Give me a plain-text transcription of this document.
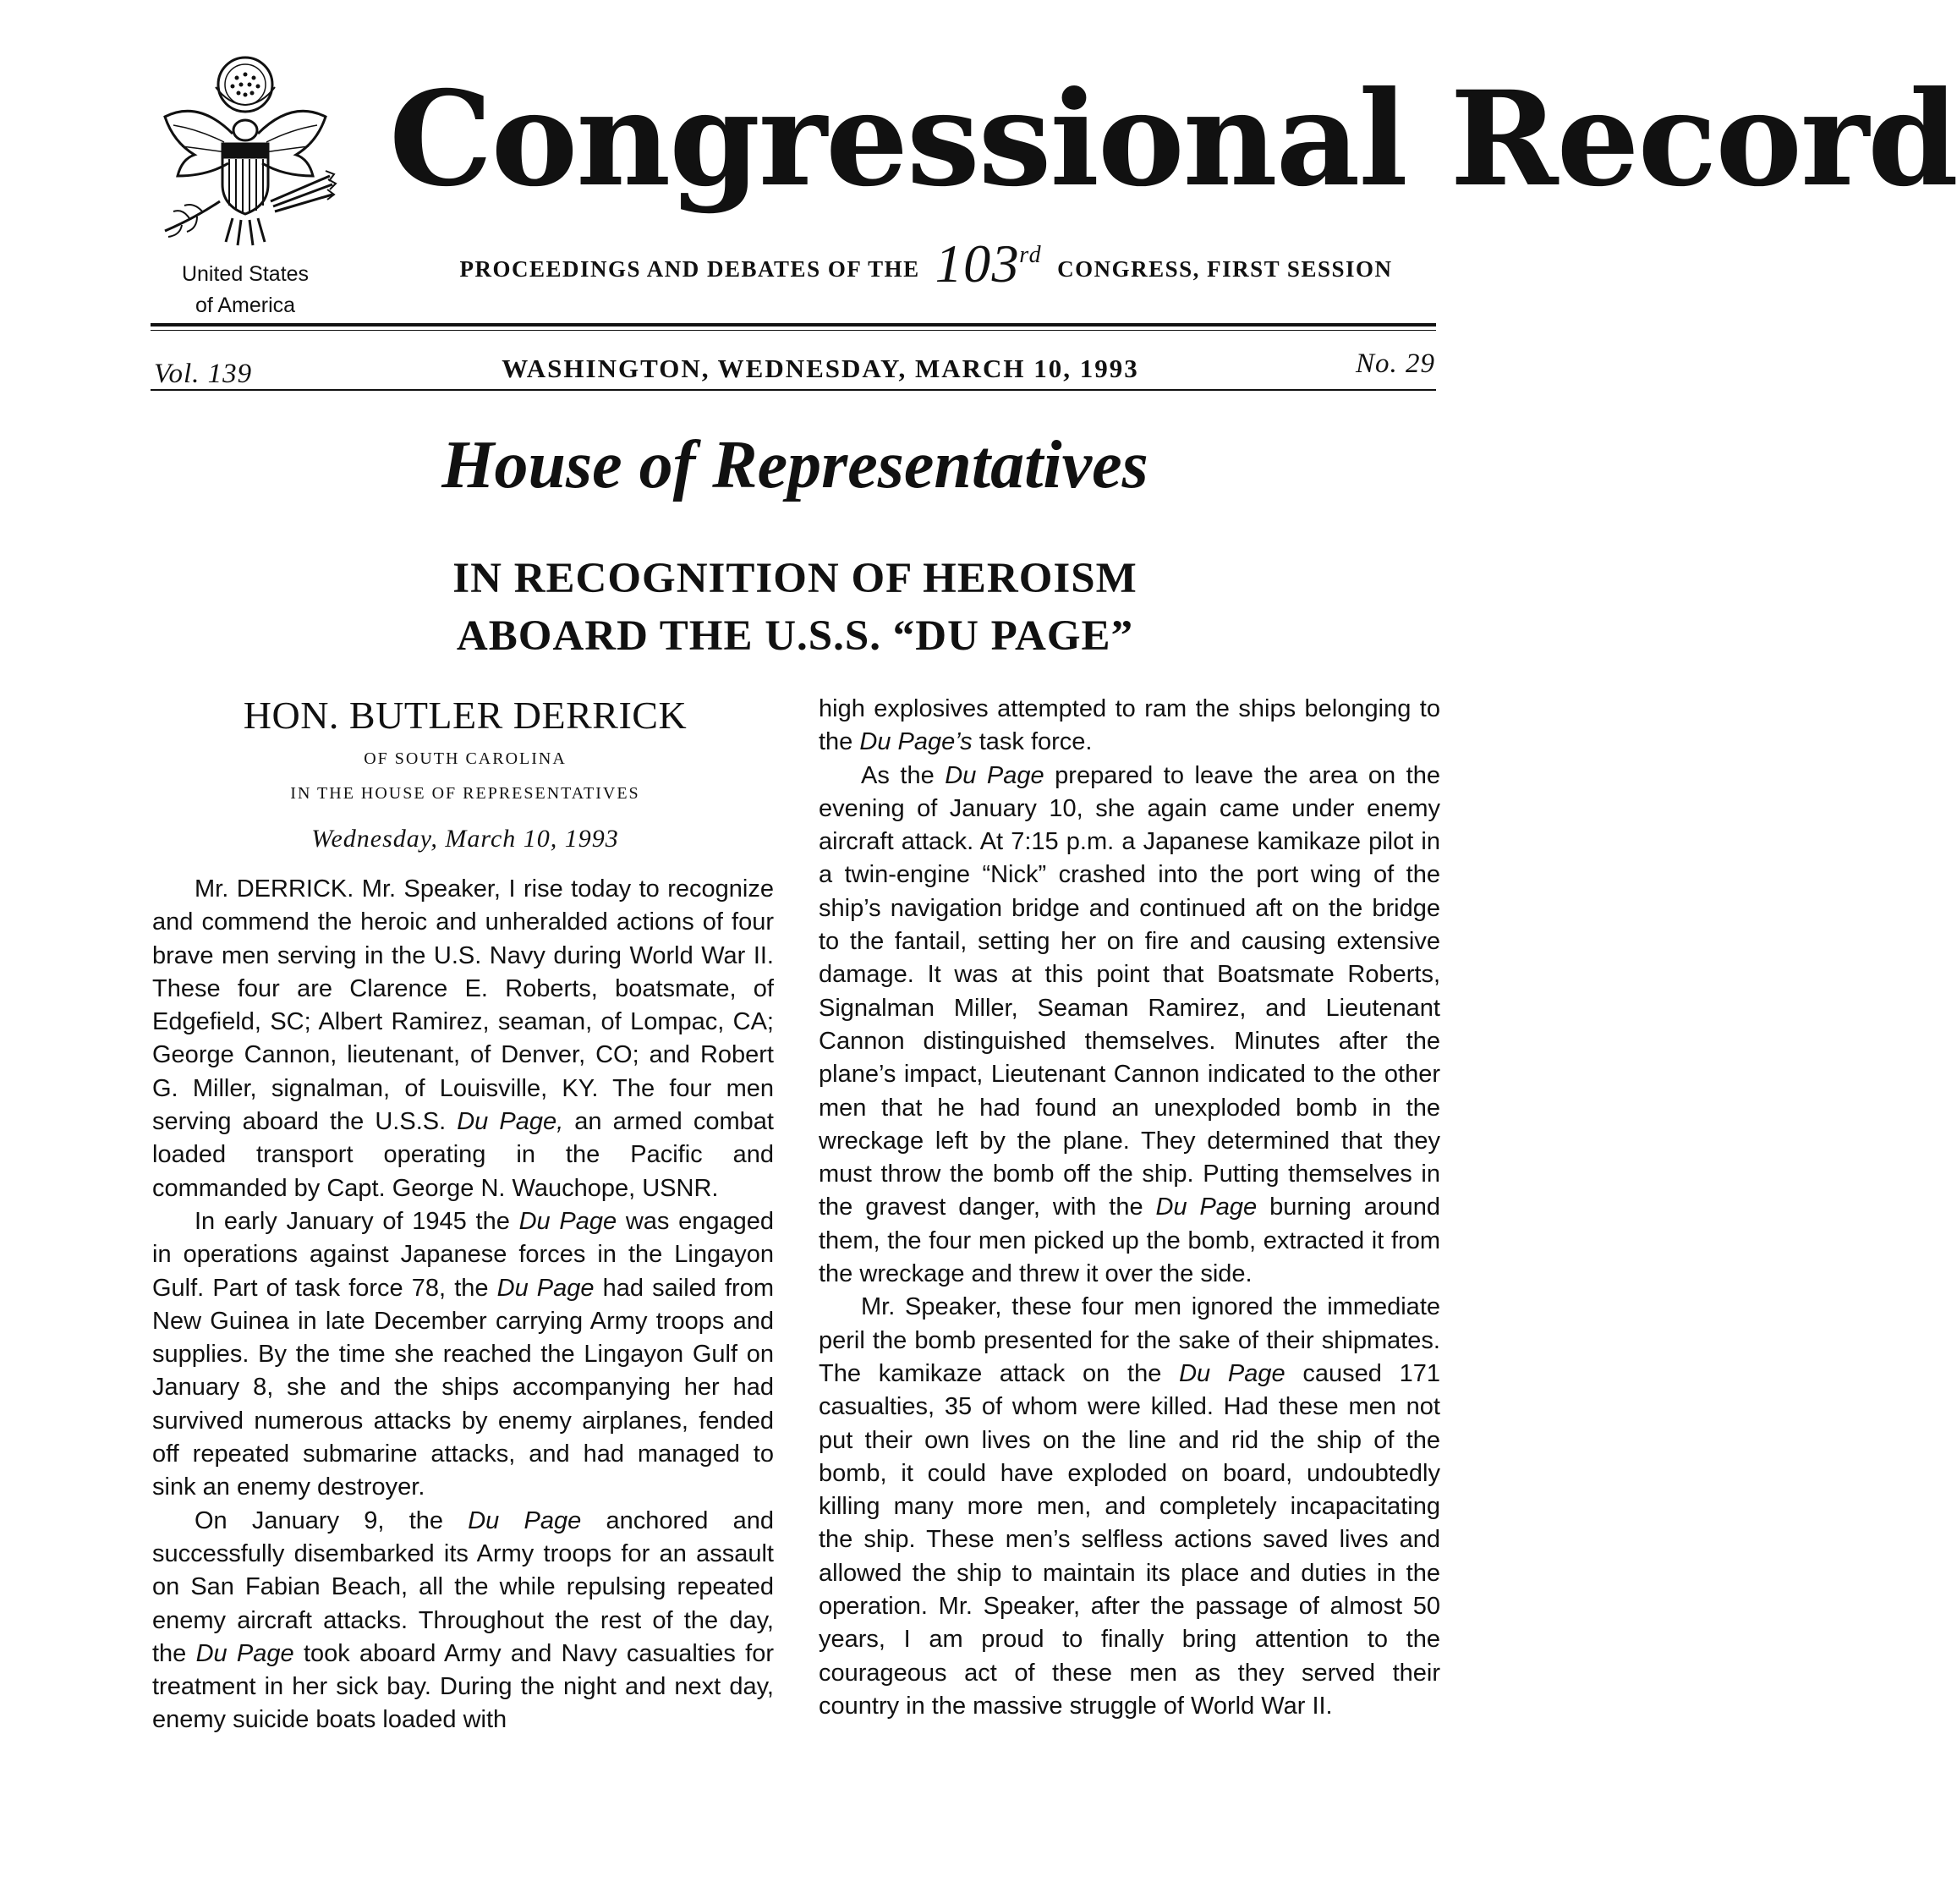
United States
of America
Congressional Record
PROCEEDINGS AND DEBATES OF THE 103 rd
CONGRESS, FIRST SESSION
Vol. 139	WASHINGTON, WEDNESDAY, MARCH 10, 1993	No. 29
House of Representatives
IN RECOGNITION OF HEROISM
ABOARD THE U.S.S. “DU PAGE”
HON. BUTLER DERRICK
OF SOUTH CAROLINA
IN THE HOUSE OF REPRESENTATIVES
Wednesday, March 10, 1993

Mr. DERRICK. Mr. Speaker, I rise today to recognize and commend the heroic and unheralded actions of four brave men serving in the U.S. Navy during World War II. These four are Clarence E. Roberts, boatsmate, of Edgefield, SC; Albert Ramirez, seaman, of Lompac, CA; George Cannon, lieutenant, of Denver, CO; and Robert G. Miller, signalman, of Louisville, KY. The four men serving aboard the U.S.S. Du Page, an armed combat loaded transport operating in the Pacific and commanded by Capt. George N. Wauchope, USNR.

In early January of 1945 the Du Page was engaged in operations against Japanese forces in the Lingayon Gulf. Part of task force 78, the Du Page had sailed from New Guinea in late December carrying Army troops and supplies. By the time she reached the Lingayon Gulf on January 8, she and the ships accompanying her had survived numerous attacks by enemy airplanes, fended off repeated submarine attacks, and had managed to sink an enemy destroyer.

On January 9, the Du Page anchored and successfully disembarked its Army troops for an assault on San Fabian Beach, all the while repulsing repeated enemy aircraft attacks. Throughout the rest of the day, the Du Page took aboard Army and Navy casualties for treatment in her sick bay. During the night and next day, enemy suicide boats loaded with

high explosives attempted to ram the ships belonging to the Du Page’s task force.

As the Du Page prepared to leave the area on the evening of January 10, she again came under enemy aircraft attack. At 7:15 p.m. a Japanese kamikaze pilot in a twin-engine “Nick” crashed into the port wing of the ship’s navigation bridge and continued aft on the bridge to the fantail, setting her on fire and causing extensive damage. It was at this point that Boatsmate Roberts, Signalman Miller, Seaman Ramirez, and Lieutenant Cannon distinguished themselves. Minutes after the plane’s impact, Lieutenant Cannon indicated to the other men that he had found an unexploded bomb in the wreckage left by the plane. They determined that they must throw the bomb off the ship. Putting themselves in the gravest danger, with the Du Page burning around them, the four men picked up the bomb, extracted it from the wreckage and threw it over the side.

Mr. Speaker, these four men ignored the immediate peril the bomb presented for the sake of their shipmates. The kamikaze attack on the Du Page caused 171 casualties, 35 of whom were killed. Had these men not put their own lives on the line and rid the ship of the bomb, it could have exploded on board, undoubtedly killing many more men, and completely incapacitating the ship. These men’s selfless actions saved lives and allowed the ship to maintain its place and duties in the operation. Mr. Speaker, after the passage of almost 50 years, I am proud to finally bring attention to the courageous act of these men as they served their country in the massive struggle of World War II.
